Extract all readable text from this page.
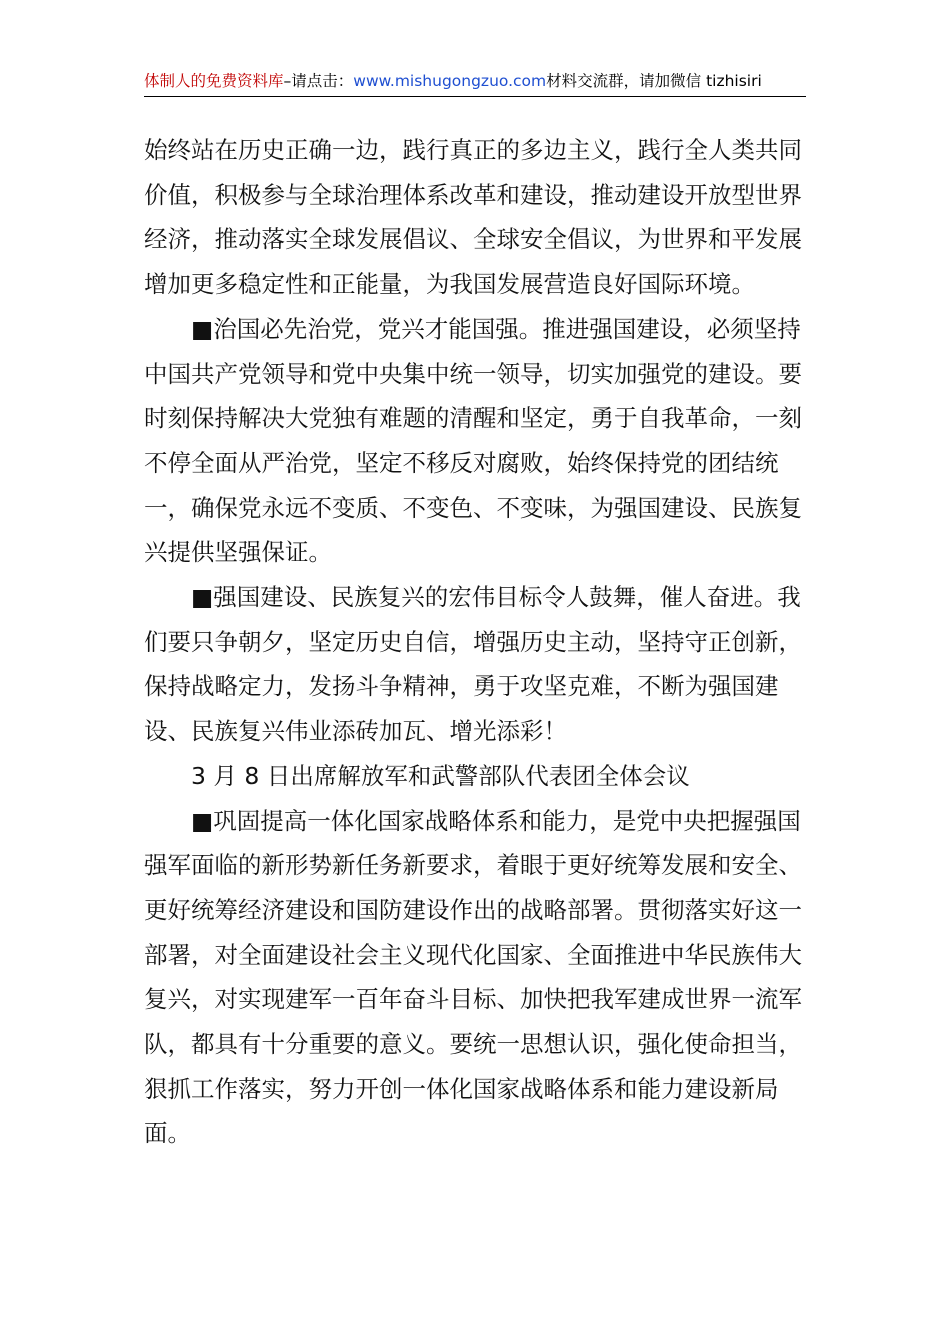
体制人的免费资料库–请点击：www.mishugongzuo.com材料交流群，请加微信 tizhisiri

始终站在历史正确一边，践行真正的多边主义，践行全人类共同价值，积极参与全球治理体系改革和建设，推动建设开放型世界经济，推动落实全球发展倡议、全球安全倡议，为世界和平发展增加更多稳定性和正能量，为我国发展营造良好国际环境。

■治国必先治党，党兴才能国强。推进强国建设，必须坚持中国共产党领导和党中央集中统一领导，切实加强党的建设。要时刻保持解决大党独有难题的清醒和坚定，勇于自我革命，一刻不停全面从严治党，坚定不移反对腐败，始终保持党的团结统一，确保党永远不变质、不变色、不变味，为强国建设、民族复兴提供坚强保证。

■强国建设、民族复兴的宏伟目标令人鼓舞，催人奋进。我们要只争朝夕，坚定历史自信，增强历史主动，坚持守正创新，保持战略定力，发扬斗争精神，勇于攻坚克难，不断为强国建设、民族复兴伟业添砖加瓦、增光添彩！

3 月 8 日出席解放军和武警部队代表团全体会议

■巩固提高一体化国家战略体系和能力，是党中央把握强国强军面临的新形势新任务新要求，着眼于更好统筹发展和安全、更好统筹经济建设和国防建设作出的战略部署。贯彻落实好这一部署，对全面建设社会主义现代化国家、全面推进中华民族伟大复兴，对实现建军一百年奋斗目标、加快把我军建成世界一流军队，都具有十分重要的意义。要统一思想认识，强化使命担当，狠抓工作落实，努力开创一体化国家战略体系和能力建设新局面。
